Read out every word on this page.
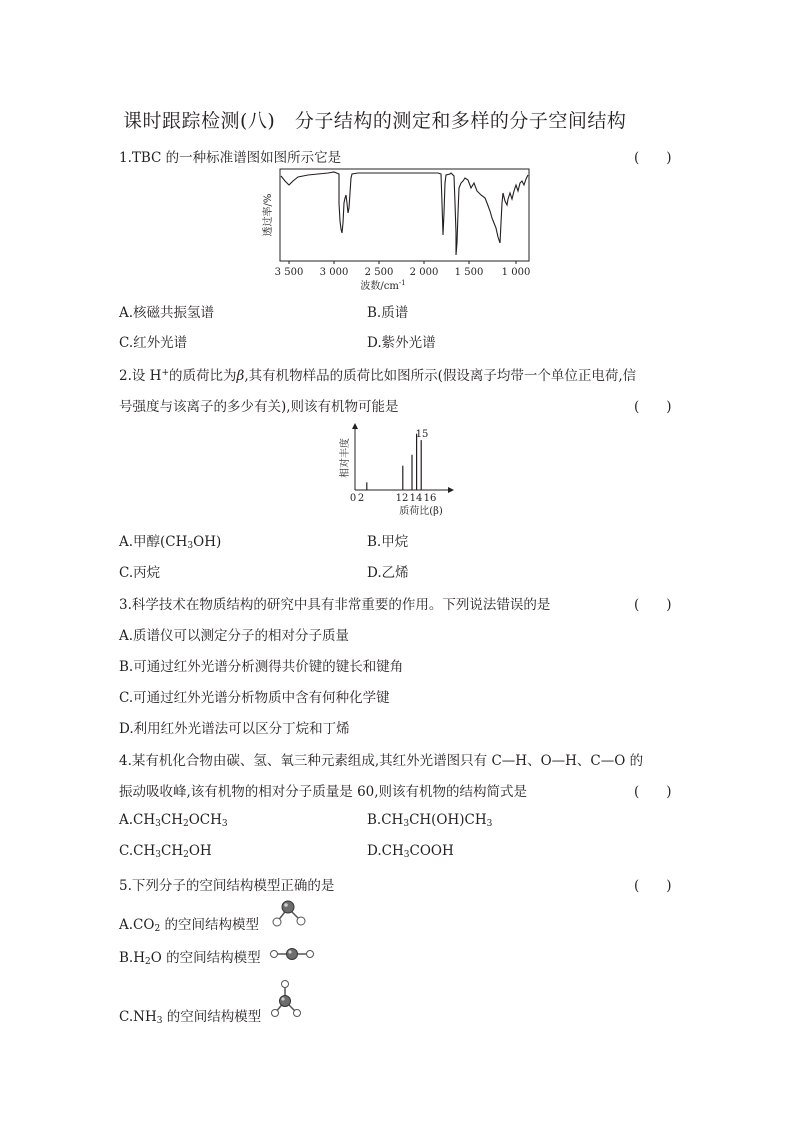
课时跟踪检测(八)　分子结构的测定和多样的分子空间结构
1.TBC 的一种标准谱图如图所示它是	(　　)
透过率/%
3 500 3 000 2 500 2 000 1 500 1 000
波数$/cm^{-1}$
A.核磁共振氢谱	B.质谱
C.红外光谱	D.紫外光谱
2.设 H+的质荷比为β,其有机物样品的质荷比如图所示(假设离子均带一个单位正电荷,信
号强度与该离子的多少有关),则该有机物可能是	(　　)
相对丰度
15
0 2	12 14 16
质荷比(β)
A.甲醇$(CH_3OH)$	B.甲烷
C.丙烷	D.乙烯
3.科学技术在物质结构的研究中具有非常重要的作用。下列说法错误的是	(　　)
A.质谱仪可以测定分子的相对分子质量
B.可通过红外光谱分析测得共价键的键长和键角
C.可通过红外光谱分析物质中含有何种化学键
D.利用红外光谱法可以区分丁烷和丁烯
4.某有机化合物由碳、氢、氧三种元素组成,其红外光谱图只有 C—H、O—H、C—O 的
振动吸收峰,该有机物的相对分子质量是 60,则该有机物的结构简式是	(　　)
$A.CH_3CH_2OCH_3$	$B.CH_3CH(OH)CH_3$
$C.CH_3CH_2OH$	$D.CH_3COOH$
5.下列分子的空间结构模型正确的是	(　　)
$A.CO_2$ 的空间结构模型
$B.H_2O$ 的空间结构模型
$C.NH_3$ 的空间结构模型
